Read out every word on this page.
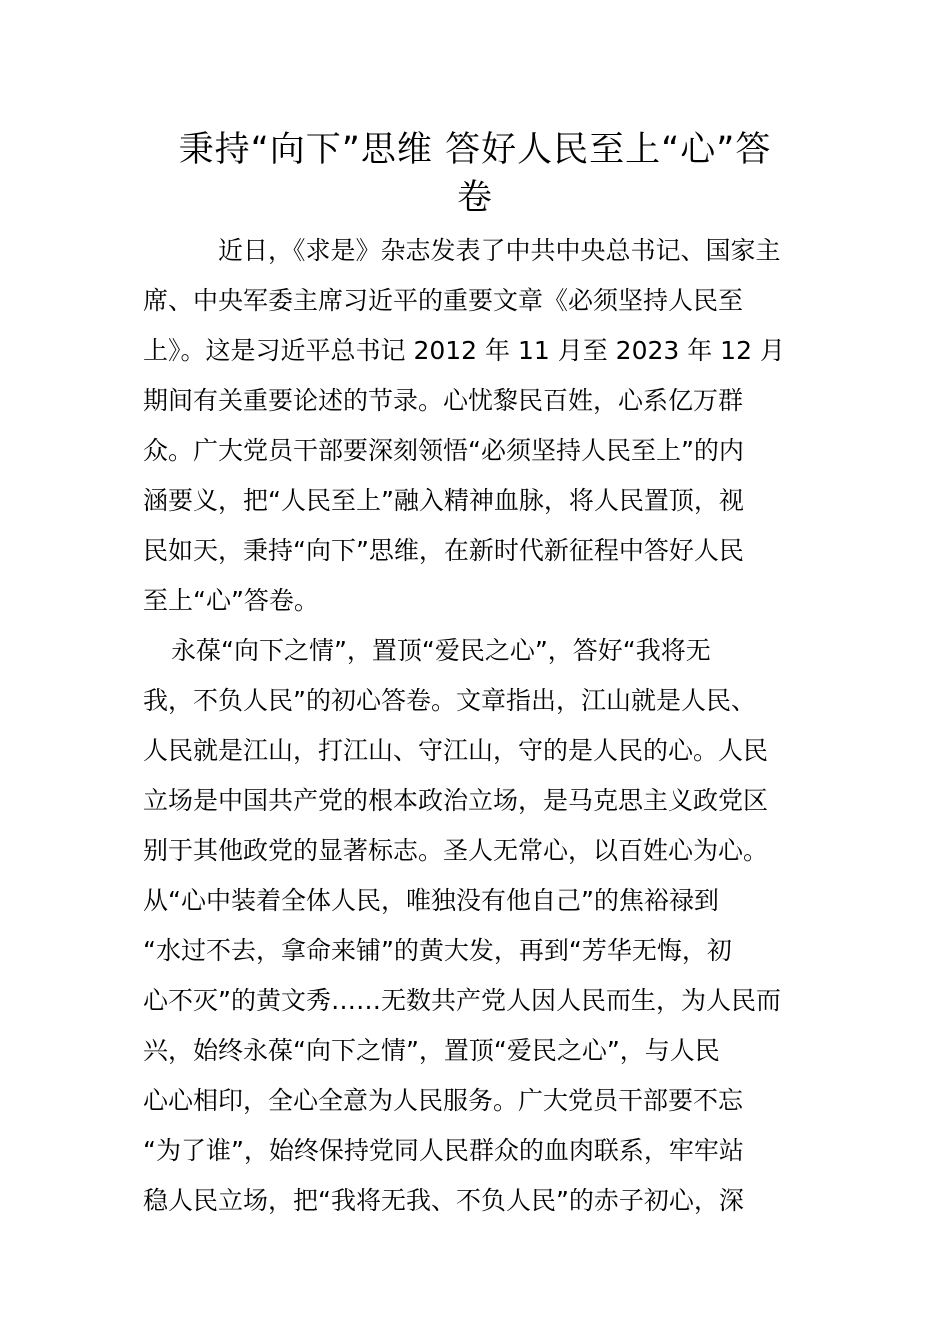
秉持“向下”思维 答好人民至上“心”答
卷
近日，《求是》杂志发表了中共中央总书记、国家主
席、中央军委主席习近平的重要文章《必须坚持人民至
上》。这是习近平总书记 2012 年 11 月至 2023 年 12 月
期间有关重要论述的节录。心忧黎民百姓，心系亿万群
众。广大党员干部要深刻领悟“必须坚持人民至上”的内
涵要义，把“人民至上”融入精神血脉，将人民置顶，视
民如天，秉持“向下”思维，在新时代新征程中答好人民
至上“心”答卷。
永葆“向下之情”，置顶“爱民之心”，答好“我将无
我，不负人民”的初心答卷。文章指出，江山就是人民、
人民就是江山，打江山、守江山，守的是人民的心。人民
立场是中国共产党的根本政治立场，是马克思主义政党区
别于其他政党的显著标志。圣人无常心，以百姓心为心。
从“心中装着全体人民，唯独没有他自己”的焦裕禄到
“水过不去，拿命来铺”的黄大发，再到“芳华无悔，初
心不灭”的黄文秀……无数共产党人因人民而生，为人民而
兴，始终永葆“向下之情”，置顶“爱民之心”，与人民
心心相印，全心全意为人民服务。广大党员干部要不忘
“为了谁”，始终保持党同人民群众的血肉联系，牢牢站
稳人民立场，把“我将无我、不负人民”的赤子初心，深
